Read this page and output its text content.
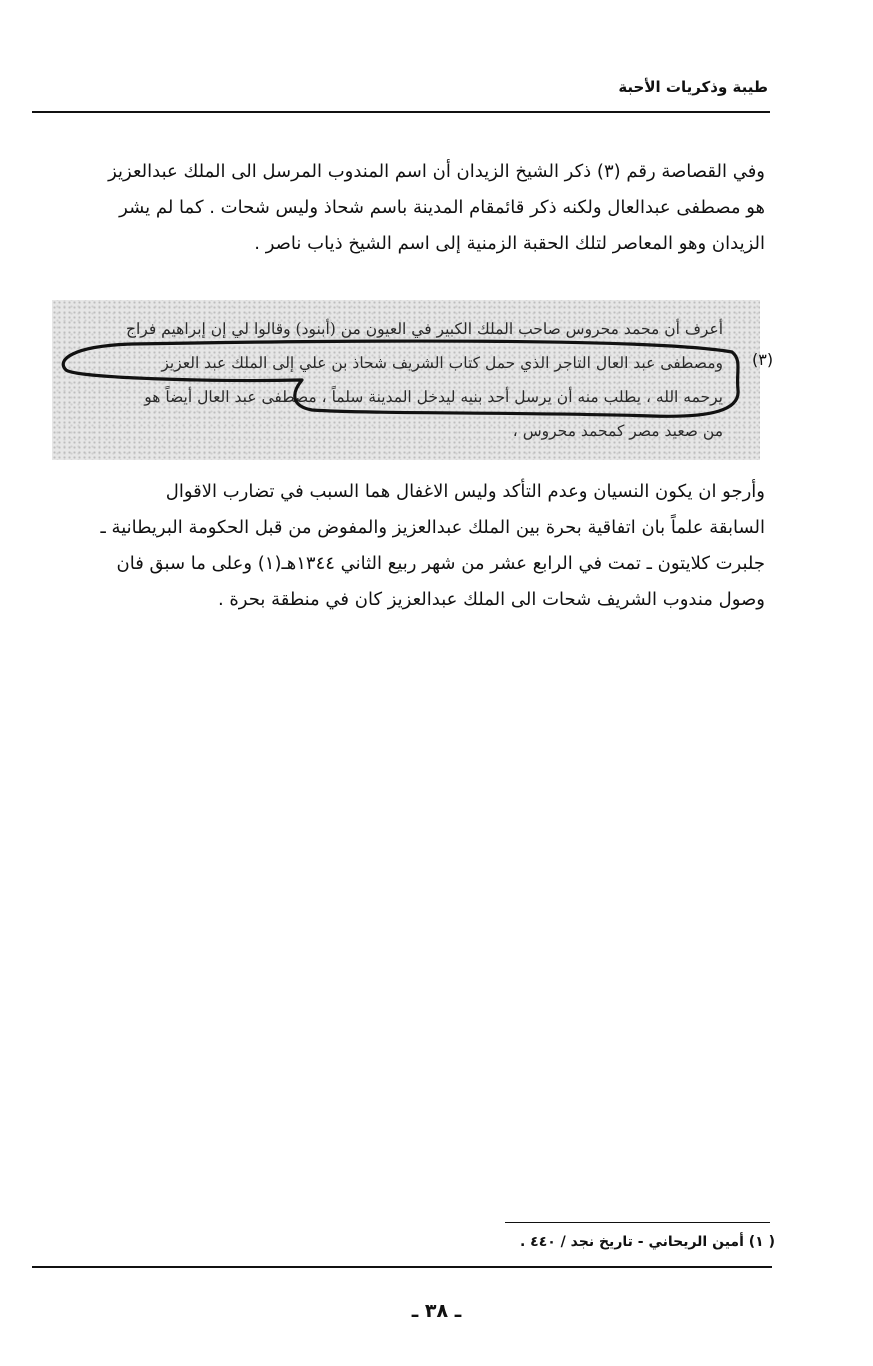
طيبة وذكريات الأحبة
وفي القصاصة رقم (٣) ذكر الشيخ الزيدان أن اسم المندوب المرسل الى الملك عبدالعزيز
هو مصطفى عبدالعال ولكنه ذكر قائمقام المدينة باسم شحاذ وليس شحات . كما لم يشر
الزيدان وهو المعاصر لتلك الحقبة الزمنية إلى اسم الشيخ ذياب ناصر .
(٣)
أعرف أن محمد محروس صاحب الملك الكبير في العيون من (أبنود) وقالوا لي إن إبراهيم فراج
ومصطفى عبد العال التاجر الذي حمل كتاب الشريف شحاذ بن علي إلى الملك عبد العزيز
يرحمه الله ، يطلب منه أن يرسل أحد بنيه ليدخل المدينة سلماً ، مصطفى عبد العال أيضاً هو
من صعيد مصر كمحمد محروس ،
وأرجو ان يكون النسيان وعدم التأكد وليس الاغفال هما السبب في تضارب الاقوال
السابقة علماً بان اتفاقية بحرة بين الملك عبدالعزيز والمفوض من قبل الحكومة البريطانية ـ
جلبرت كلايتون ـ تمت في الرابع عشر من شهر ربيع الثاني ١٣٤٤هـ(١) وعلى ما سبق فان
وصول مندوب الشريف شحات الى الملك عبدالعزيز كان في منطقة بحرة .
( ١) أمين الريحاني - تاريخ نجد / ٤٤٠ .
ـ ٣٨ ـ
